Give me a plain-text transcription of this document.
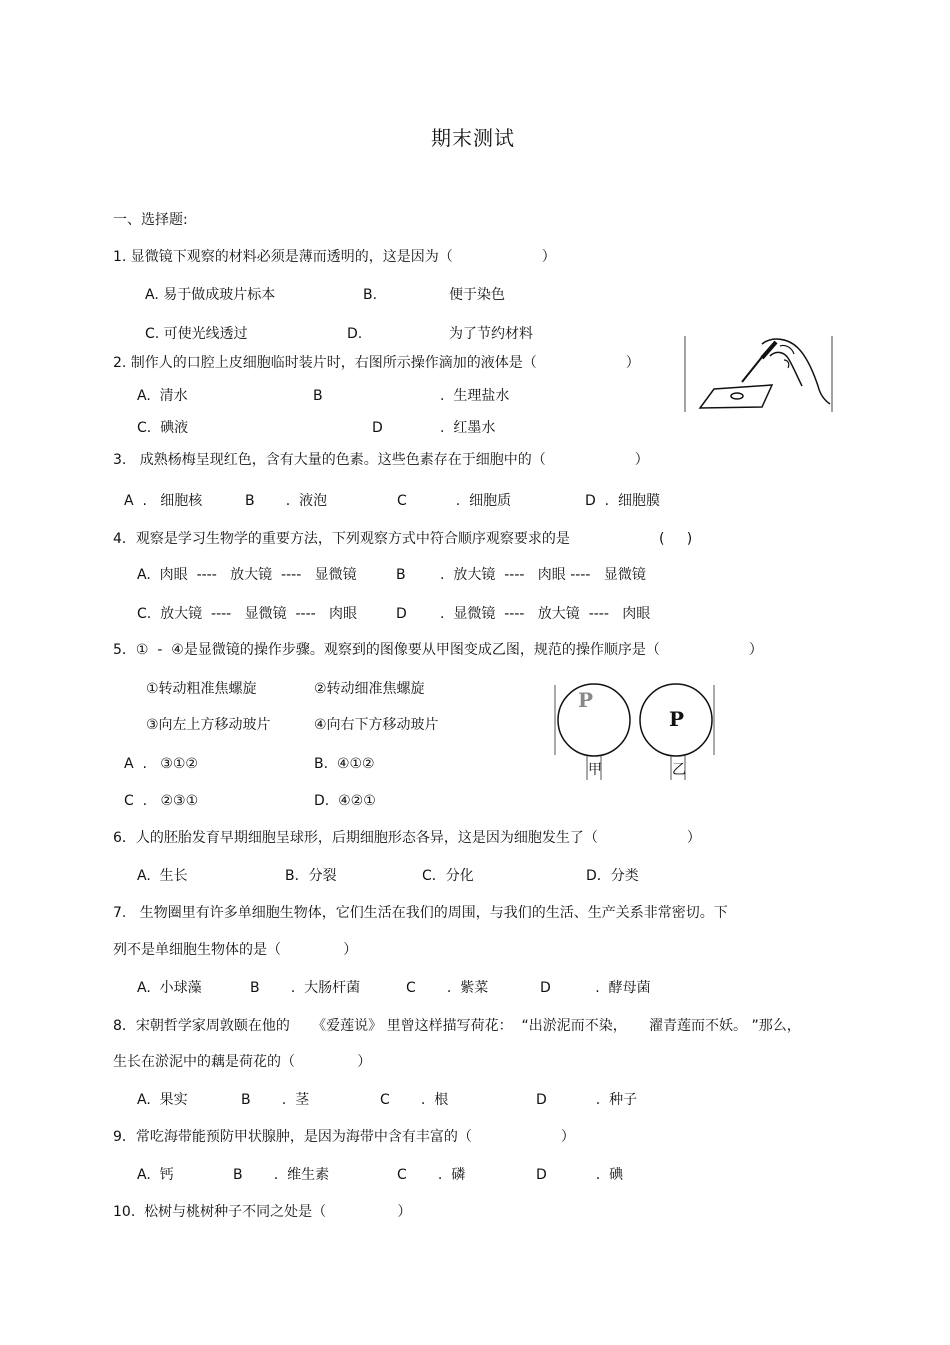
期末测试
一、选择题:
1. 显微镜下观察的材料必须是薄而透明的，这是因为（                    ）
A. 易于做成玻片标本	B.	便于染色
C. 可使光线透过	D.	为了节约材料
2. 制作人的口腔上皮细胞临时装片时，右图所示操作滴加的液体是（                    ）
A.  清水	B	.  生理盐水
C.  碘液	D	.  红墨水
3.   成熟杨梅呈现红色，含有大量的色素。这些色素存在于细胞中的（                    ）
A  .   细胞核	B       .  液泡	C           .  细胞质	D  .  细胞膜
4．观察是学习生物学的重要方法，下列观察方式中符合顺序观察要求的是	(     )
A.  肉眼  ----   放大镜  ----   显微镜	B .  放大镜  ----   肉眼 ----   显微镜
C.  放大镜  ----   显微镜  ----   肉眼	D .  显微镜  ----   放大镜  ----   肉眼
5．①  -  ④是显微镜的操作步骤。观察到的图像要从甲图变成乙图，规范的操作顺序是（                    ）
①转动粗准焦螺旋	②转动细准焦螺旋
③向左上方移动玻片	④向右下方移动玻片
A  .   ③①②	B.  ④①②
C  .   ②③①	D.  ④②①
P
P
甲	乙
6．人的胚胎发育早期细胞呈球形，后期细胞形态各异，这是因为细胞发生了（                    ）
A.  生长	B．分裂	C．分化	D．分类
7.   生物圈里有许多单细胞生物体，它们生活在我们的周围，与我们的生活、生产关系非常密切。下
列不是单细胞生物体的是（              ）
A.  小球藻	B       .  大肠杆菌	C       .  紫菜	D          .  酵母菌
8．宋朝哲学家周敦颐在他的     《爱莲说》 里曾这样描写荷花：  “出淤泥而不染，     濯青莲而不妖。 ”那么，
生长在淤泥中的藕是荷花的（              ）
A.  果实	B       .  茎	C       .  根	D           .  种子
9．常吃海带能预防甲状腺肿，是因为海带中含有丰富的（                    ）
A.  钙	B       .  维生素	C       .  磷	D           .  碘
10.  松树与桃树种子不同之处是（                ）
